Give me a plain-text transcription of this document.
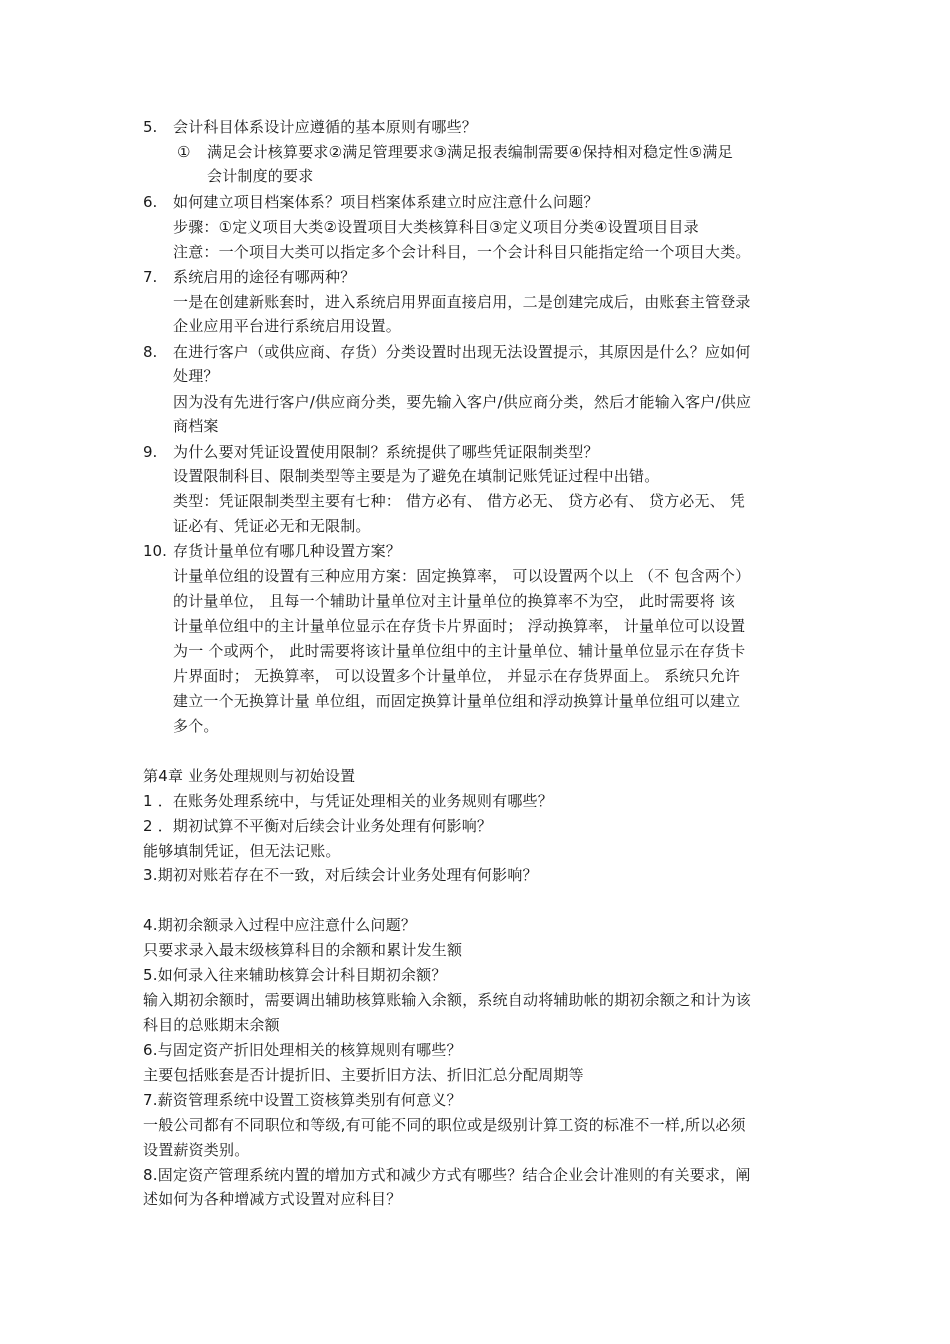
5. 会计科目体系设计应遵循的基本原则有哪些？
① 满足会计核算要求②满足管理要求③满足报表编制需要④保持相对稳定性⑤满足
会计制度的要求
6. 如何建立项目档案体系？项目档案体系建立时应注意什么问题？
步骤：①定义项目大类②设置项目大类核算科目③定义项目分类④设置项目目录
注意：一个项目大类可以指定多个会计科目，一个会计科目只能指定给一个项目大类。
7. 系统启用的途径有哪两种？
一是在创建新账套时，进入系统启用界面直接启用，二是创建完成后，由账套主管登录
企业应用平台进行系统启用设置。
8. 在进行客户（或供应商、存货）分类设置时出现无法设置提示，其原因是什么？应如何
处理？
因为没有先进行客户/供应商分类，要先输入客户/供应商分类，然后才能输入客户/供应
商档案
9. 为什么要对凭证设置使用限制？系统提供了哪些凭证限制类型？
设置限制科目、限制类型等主要是为了避免在填制记账凭证过程中出错。
类型：凭证限制类型主要有七种： 借方必有、 借方必无、 贷方必有、 贷方必无、 凭
证必有、凭证必无和无限制。
10. 存货计量单位有哪几种设置方案？
计量单位组的设置有三种应用方案：固定换算率， 可以设置两个以上 （不 包含两个）
的计量单位， 且每一个辅助计量单位对主计量单位的换算率不为空， 此时需要将 该
计量单位组中的主计量单位显示在存货卡片界面时； 浮动换算率， 计量单位可以设置
为一 个或两个， 此时需要将该计量单位组中的主计量单位、辅计量单位显示在存货卡
片界面时； 无换算率， 可以设置多个计量单位， 并显示在存货界面上。 系统只允许
建立一个无换算计量 单位组，而固定换算计量单位组和浮动换算计量单位组可以建立
多个。
第4章 业务处理规则与初始设置
1 ．在账务处理系统中，与凭证处理相关的业务规则有哪些？
2 ．期初试算不平衡对后续会计业务处理有何影响？
能够填制凭证，但无法记账。
3.期初对账若存在不一致，对后续会计业务处理有何影响？
4.期初余额录入过程中应注意什么问题？
只要求录入最末级核算科目的余额和累计发生额
5.如何录入往来辅助核算会计科目期初余额？
输入期初余额时，需要调出辅助核算账输入余额，系统自动将辅助帐的期初余额之和计为该
科目的总账期末余额
6.与固定资产折旧处理相关的核算规则有哪些？
主要包括账套是否计提折旧、主要折旧方法、折旧汇总分配周期等
7.薪资管理系统中设置工资核算类别有何意义？
一般公司都有不同职位和等级,有可能不同的职位或是级别计算工资的标准不一样,所以必须
设置薪资类别。
8.固定资产管理系统内置的增加方式和减少方式有哪些？结合企业会计准则的有关要求，阐
述如何为各种增减方式设置对应科目？
